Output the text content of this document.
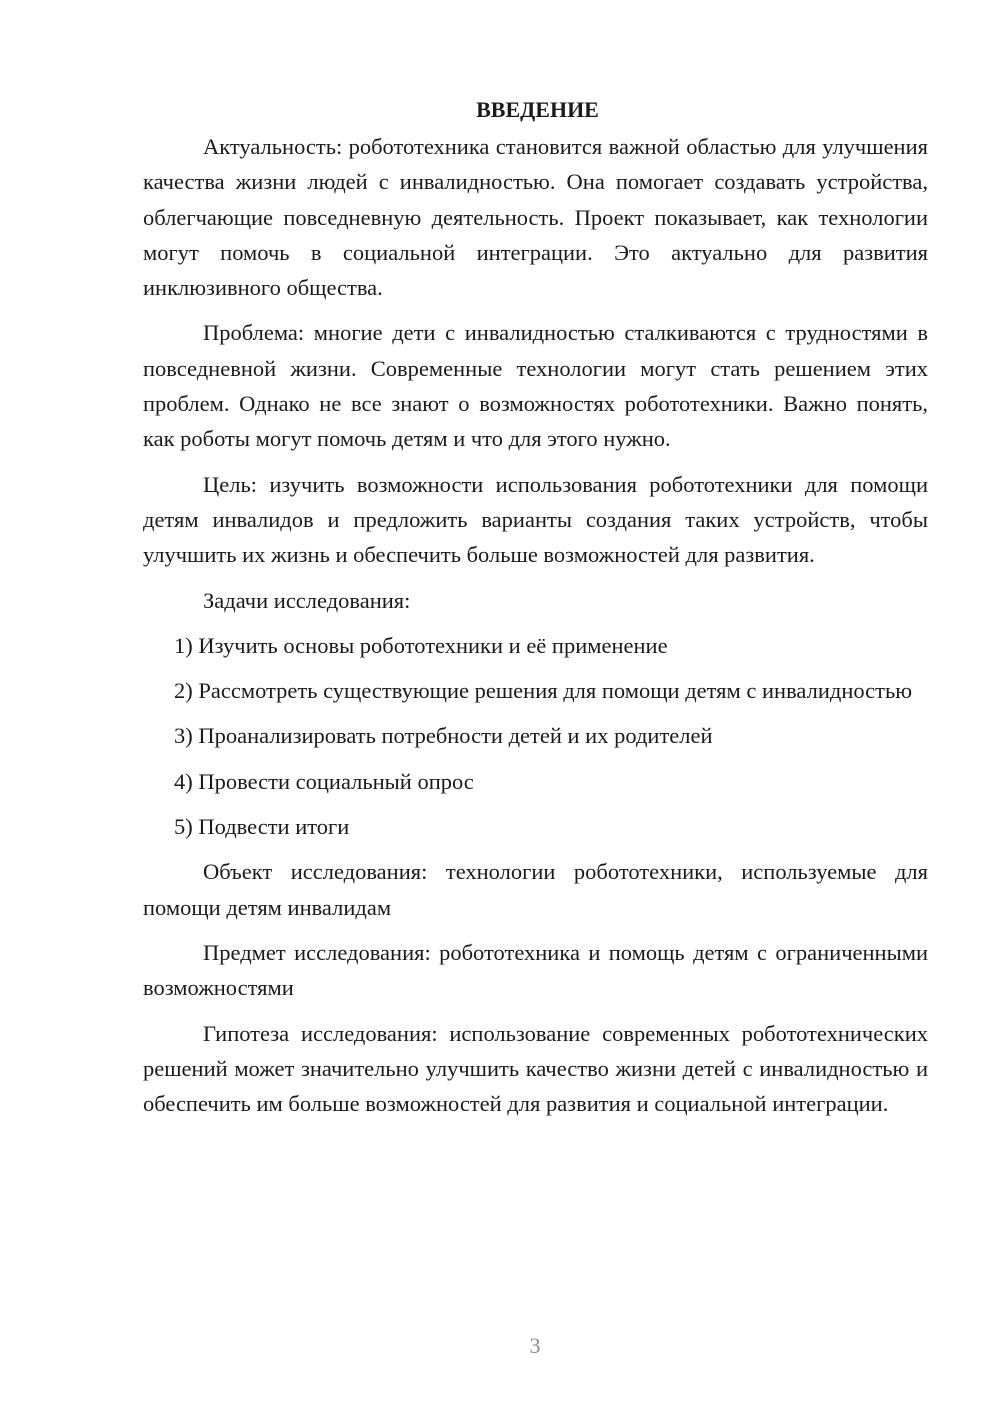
ВВЕДЕНИЕ

Актуальность: робототехника становится важной областью для улучшения качества жизни людей с инвалидностью. Она помогает создавать устройства, облегчающие повседневную деятельность. Проект показывает, как технологии могут помочь в социальной интеграции. Это актуально для развития инклюзивного общества.

Проблема: многие дети с инвалидностью сталкиваются с трудностями в повседневной жизни. Современные технологии могут стать решением этих проблем. Однако не все знают о возможностях робототехники. Важно понять, как роботы могут помочь детям и что для этого нужно.

Цель: изучить возможности использования робототехники для помощи детям инвалидов и предложить варианты создания таких устройств, чтобы улучшить их жизнь и обеспечить больше возможностей для развития.

Задачи исследования:

1) Изучить основы робототехники и её применение

2) Рассмотреть существующие решения для помощи детям с инвалидностью

3) Проанализировать потребности детей и их родителей

4) Провести социальный опрос

5) Подвести итоги

Объект исследования: технологии робототехники, используемые для помощи детям инвалидам

Предмет исследования: робототехника и помощь детям с ограниченными возможностями

Гипотеза исследования: использование современных робототехнических решений может значительно улучшить качество жизни детей с инвалидностью и обеспечить им больше возможностей для развития и социальной интеграции.

3
